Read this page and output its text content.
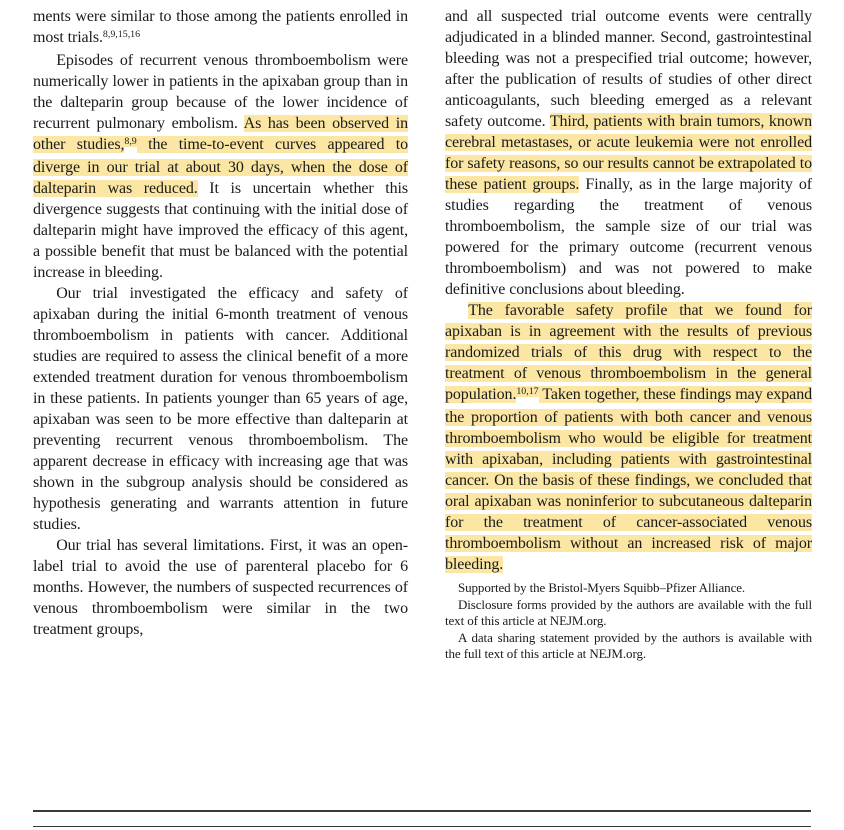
ments were similar to those among the patients enrolled in most trials.$^{8,9,15,16}$

Episodes of recurrent venous thromboembolism were numerically lower in patients in the apixaban group than in the dalteparin group because of the lower incidence of recurrent pulmonary embolism. As has been observed in other studies,$^{8,9}$ the time-to-event curves appeared to diverge in our trial at about 30 days, when the dose of dalteparin was reduced. It is uncertain whether this divergence suggests that continuing with the initial dose of dalteparin might have improved the efficacy of this agent, a possible benefit that must be balanced with the potential increase in bleeding.

Our trial investigated the efficacy and safety of apixaban during the initial 6-month treatment of venous thromboembolism in patients with cancer. Additional studies are required to assess the clinical benefit of a more extended treatment duration for venous thromboembolism in these patients. In patients younger than 65 years of age, apixaban was seen to be more effective than dalteparin at preventing recurrent venous thromboembolism. The apparent decrease in efficacy with increasing age that was shown in the subgroup analysis should be considered as hypothesis generating and warrants attention in future studies.

Our trial has several limitations. First, it was an open-label trial to avoid the use of parenteral placebo for 6 months. However, the numbers of suspected recurrences of venous thromboembolism were similar in the two treatment groups,

and all suspected trial outcome events were centrally adjudicated in a blinded manner. Second, gastrointestinal bleeding was not a prespecified trial outcome; however, after the publication of results of studies of other direct anticoagulants, such bleeding emerged as a relevant safety outcome. Third, patients with brain tumors, known cerebral metastases, or acute leukemia were not enrolled for safety reasons, so our results cannot be extrapolated to these patient groups. Finally, as in the large majority of studies regarding the treatment of venous thromboembolism, the sample size of our trial was powered for the primary outcome (recurrent venous thromboembolism) and was not powered to make definitive conclusions about bleeding.

The favorable safety profile that we found for apixaban is in agreement with the results of previous randomized trials of this drug with respect to the treatment of venous thromboembolism in the general population.$^{10,17}$ Taken together, these findings may expand the proportion of patients with both cancer and venous thromboembolism who would be eligible for treatment with apixaban, including patients with gastrointestinal cancer. On the basis of these findings, we concluded that oral apixaban was noninferior to subcutaneous dalteparin for the treatment of cancer-associated venous thromboembolism without an increased risk of major bleeding.

Supported by the Bristol-Myers Squibb–Pfizer Alliance.

Disclosure forms provided by the authors are available with the full text of this article at NEJM.org.

A data sharing statement provided by the authors is available with the full text of this article at NEJM.org.
